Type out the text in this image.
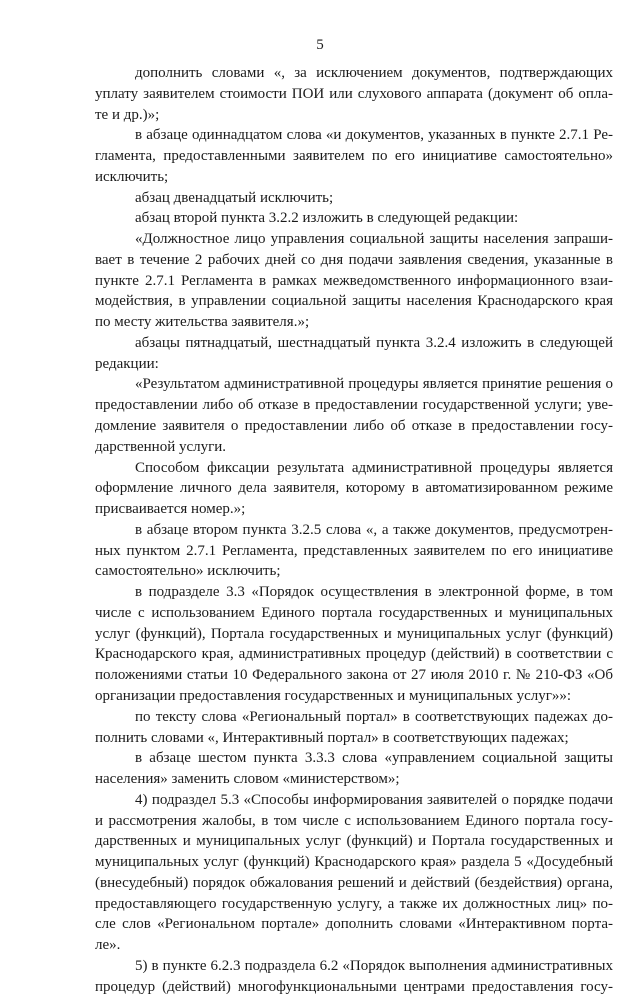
5
дополнить словами «, за исключением документов, подтверждающих
уплату заявителем стоимости ПОИ или слухового аппарата (документ об опла-
те и др.)»;
в абзаце одиннадцатом слова «и документов, указанных в пункте 2.7.1 Ре-
гламента, предоставленными заявителем по его инициативе самостоятельно»
исключить;
абзац двенадцатый исключить;
абзац второй пункта 3.2.2 изложить в следующей редакции:
«Должностное лицо управления социальной защиты населения запраши-
вает в течение 2 рабочих дней со дня подачи заявления сведения, указанные в
пункте 2.7.1 Регламента в рамках межведомственного информационного взаи-
модействия, в управлении социальной защиты населения Краснодарского края
по месту жительства заявителя.»;
абзацы пятнадцатый, шестнадцатый пункта 3.2.4 изложить в следующей
редакции:
«Результатом административной процедуры является принятие решения о
предоставлении либо об отказе в предоставлении государственной услуги; уве-
домление заявителя о предоставлении либо об отказе в предоставлении госу-
дарственной услуги.
Способом фиксации результата административной процедуры является
оформление личного дела заявителя, которому в автоматизированном режиме
присваивается номер.»;
в абзаце втором пункта 3.2.5 слова «, а также документов, предусмотрен-
ных пунктом 2.7.1 Регламента, представленных заявителем по его инициативе
самостоятельно» исключить;
в подразделе 3.3 «Порядок осуществления в электронной форме, в том
числе с использованием Единого портала государственных и муниципальных
услуг (функций), Портала государственных и муниципальных услуг (функций)
Краснодарского края, административных процедур (действий) в соответствии с
положениями статьи 10 Федерального закона от 27 июля 2010 г. № 210-ФЗ «Об
организации предоставления государственных и муниципальных услуг»»:
по тексту слова «Региональный портал» в соответствующих падежах до-
полнить словами «, Интерактивный портал» в соответствующих падежах;
в абзаце шестом пункта 3.3.3 слова «управлением социальной защиты
населения» заменить словом «министерством»;
4) подраздел 5.3 «Способы информирования заявителей о порядке подачи
и рассмотрения жалобы, в том числе с использованием Единого портала госу-
дарственных и муниципальных услуг (функций) и Портала государственных и
муниципальных услуг (функций) Краснодарского края» раздела 5 «Досудебный
(внесудебный) порядок обжалования решений и действий (бездействия) органа,
предоставляющего государственную услугу, а также их должностных лиц» по-
сле слов «Региональном портале» дополнить словами «Интерактивном порта-
ле».
5) в пункте 6.2.3 подраздела 6.2 «Порядок выполнения административных
процедур (действий) многофункциональными центрами предоставления госу-
